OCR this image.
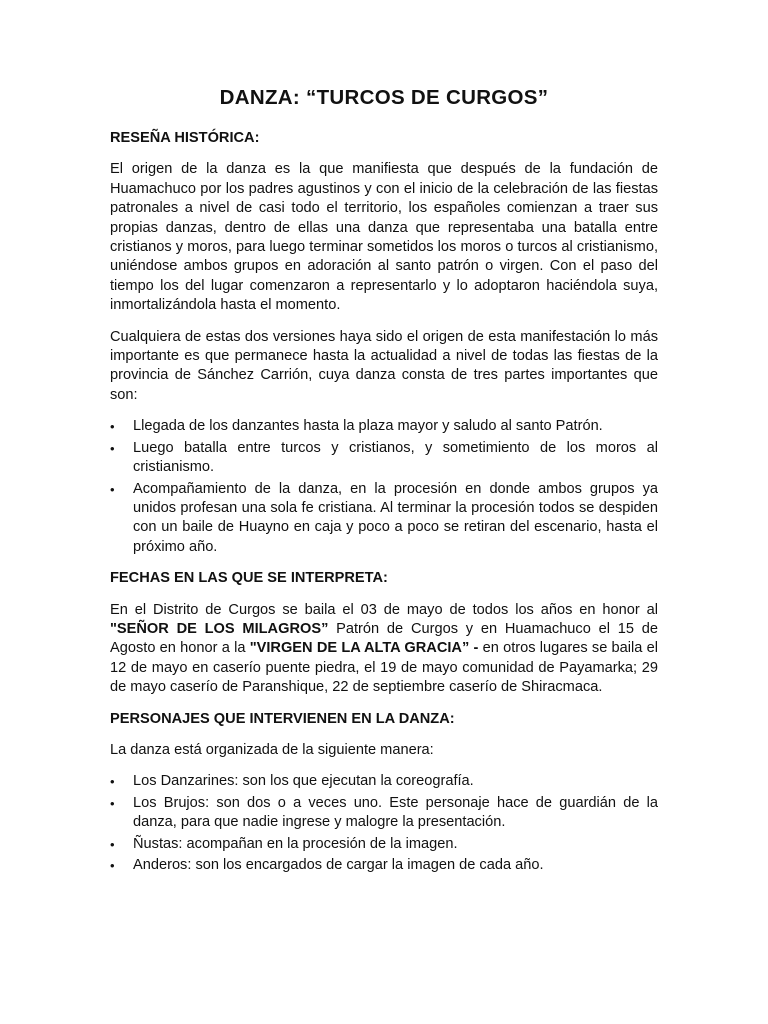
DANZA: “TURCOS DE CURGOS”
RESEÑA HISTÓRICA:

El origen de la danza es la que manifiesta que después de la fundación de Huamachuco por los padres agustinos y con el inicio de la celebración de las fiestas patronales a nivel de casi todo el territorio, los españoles comienzan a traer sus propias danzas, dentro de ellas una danza que representaba una batalla entre cristianos y moros, para luego terminar sometidos los moros o turcos al cristianismo, uniéndose ambos grupos en adoración al santo patrón o virgen. Con el paso del tiempo los del lugar comenzaron a representarlo y lo adoptaron haciéndola suya, inmortalizándola hasta el momento.

Cualquiera de estas dos versiones haya sido el origen de esta manifestación lo más importante es que permanece hasta la actualidad a nivel de todas las fiestas de la provincia de Sánchez Carrión, cuya danza consta de tres partes importantes que son:

•	Llegada de los danzantes hasta la plaza mayor y saludo al santo Patrón.
•	Luego batalla entre turcos y cristianos, y sometimiento de los moros al cristianismo.
•	Acompañamiento de la danza, en la procesión en donde ambos grupos ya unidos profesan una sola fe cristiana. Al terminar la procesión todos se despiden con un baile de Huayno en caja y poco a poco se retiran del escenario, hasta el próximo año.
FECHAS EN LAS QUE SE INTERPRETA:

En el Distrito de Curgos se baila el 03 de mayo de todos los años en honor al "SEÑOR DE LOS MILAGROS” Patrón de Curgos y en Huamachuco el 15 de Agosto en honor a la "VIRGEN DE LA ALTA GRACIA” - en otros lugares se baila el 12 de mayo en caserío puente piedra, el 19 de mayo comunidad de Payamarka; 29 de mayo caserío de Paranshique, 22 de septiembre caserío de Shiracmaca.

PERSONAJES QUE INTERVIENEN EN LA DANZA:

La danza está organizada de la siguiente manera:

•	Los Danzarines: son los que ejecutan la coreografía.
•	Los Brujos: son dos o a veces uno. Este personaje hace de guardián de la danza, para que nadie ingrese y malogre la presentación.
•	Ñustas: acompañan en la procesión de la imagen.
•	Anderos: son los encargados de cargar la imagen de cada año.
